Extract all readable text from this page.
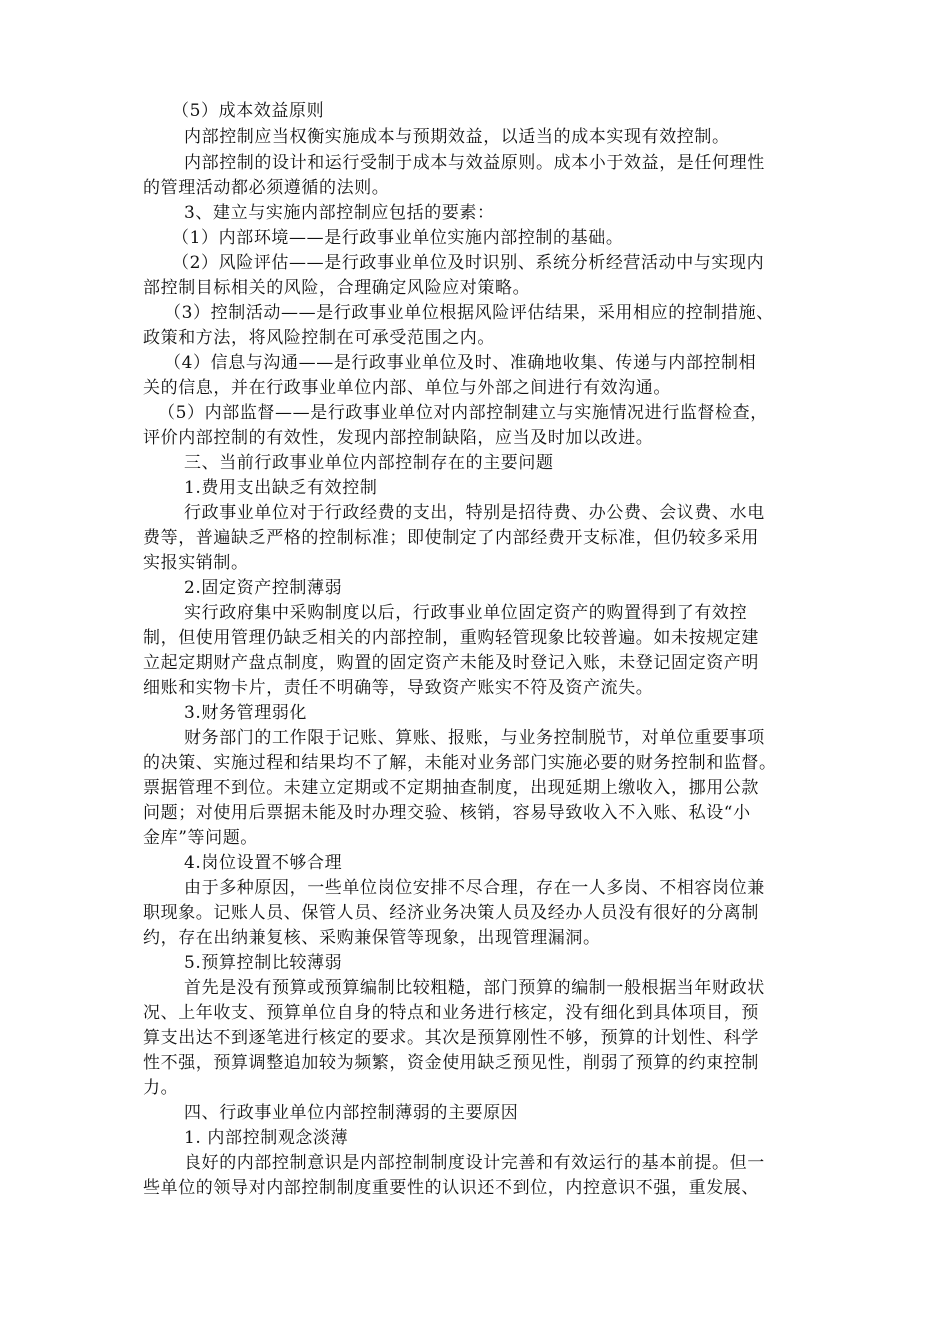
（5）成本效益原则
内部控制应当权衡实施成本与预期效益，以适当的成本实现有效控制。
内部控制的设计和运行受制于成本与效益原则。成本小于效益，是任何理性
的管理活动都必须遵循的法则。
3、建立与实施内部控制应包括的要素：
（1）内部环境——是行政事业单位实施内部控制的基础。
（2）风险评估——是行政事业单位及时识别、系统分析经营活动中与实现内
部控制目标相关的风险，合理确定风险应对策略。
（3）控制活动——是行政事业单位根据风险评估结果，采用相应的控制措施、
政策和方法，将风险控制在可承受范围之内。
（4）信息与沟通——是行政事业单位及时、准确地收集、传递与内部控制相
关的信息，并在行政事业单位内部、单位与外部之间进行有效沟通。
（5）内部监督——是行政事业单位对内部控制建立与实施情况进行监督检查，
评价内部控制的有效性，发现内部控制缺陷，应当及时加以改进。
三、当前行政事业单位内部控制存在的主要问题
1.费用支出缺乏有效控制
行政事业单位对于行政经费的支出，特别是招待费、办公费、会议费、水电
费等，普遍缺乏严格的控制标准；即使制定了内部经费开支标准，但仍较多采用
实报实销制。
2.固定资产控制薄弱
实行政府集中采购制度以后，行政事业单位固定资产的购置得到了有效控
制，但使用管理仍缺乏相关的内部控制，重购轻管现象比较普遍。如未按规定建
立起定期财产盘点制度，购置的固定资产未能及时登记入账，未登记固定资产明
细账和实物卡片，责任不明确等，导致资产账实不符及资产流失。
3.财务管理弱化
财务部门的工作限于记账、算账、报账，与业务控制脱节，对单位重要事项
的决策、实施过程和结果均不了解，未能对业务部门实施必要的财务控制和监督。
票据管理不到位。未建立定期或不定期抽查制度，出现延期上缴收入，挪用公款
问题；对使用后票据未能及时办理交验、核销，容易导致收入不入账、私设“小
金库”等问题。
4.岗位设置不够合理
由于多种原因，一些单位岗位安排不尽合理，存在一人多岗、不相容岗位兼
职现象。记账人员、保管人员、经济业务决策人员及经办人员没有很好的分离制
约，存在出纳兼复核、采购兼保管等现象，出现管理漏洞。
5.预算控制比较薄弱
首先是没有预算或预算编制比较粗糙，部门预算的编制一般根据当年财政状
况、上年收支、预算单位自身的特点和业务进行核定，没有细化到具体项目，预
算支出达不到逐笔进行核定的要求。其次是预算刚性不够，预算的计划性、科学
性不强，预算调整追加较为频繁，资金使用缺乏预见性，削弱了预算的约束控制
力。
四、行政事业单位内部控制薄弱的主要原因
1. 内部控制观念淡薄
良好的内部控制意识是内部控制制度设计完善和有效运行的基本前提。但一
些单位的领导对内部控制制度重要性的认识还不到位，内控意识不强，重发展、
